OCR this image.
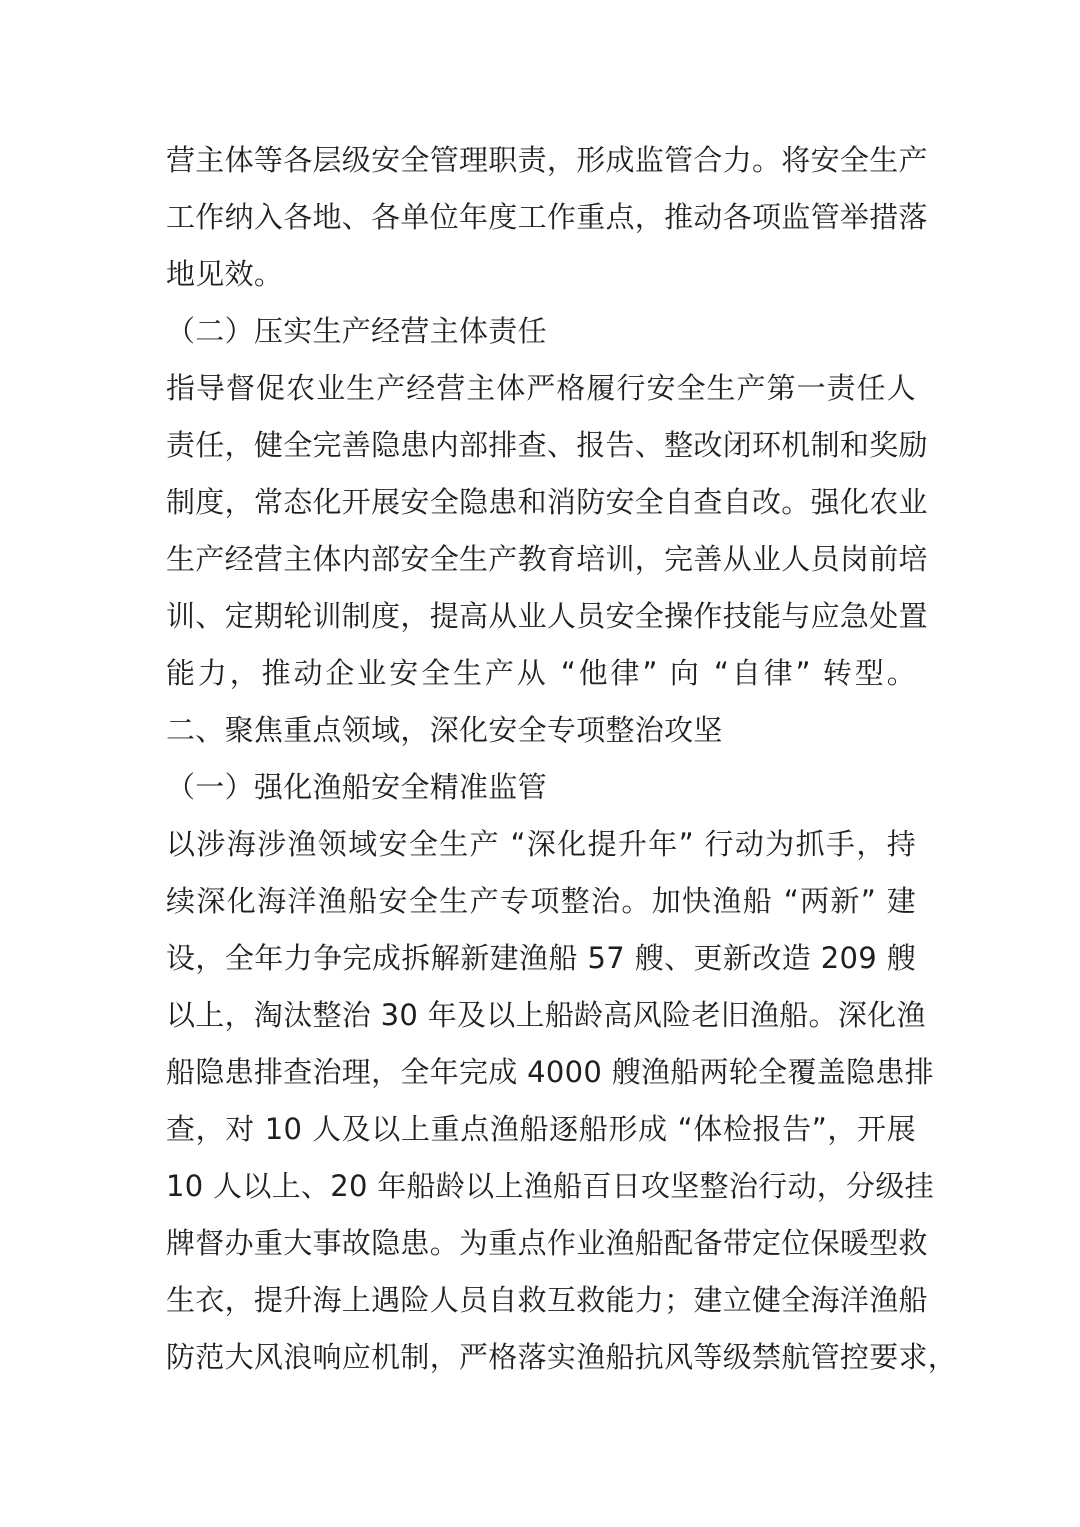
营主体等各层级安全管理职责，形成监管合力。将安全生产
工作纳入各地、各单位年度工作重点，推动各项监管举措落
地见效。
（二）压实生产经营主体责任
指导督促农业生产经营主体严格履行安全生产第一责任人
责任，健全完善隐患内部排查、报告、整改闭环机制和奖励
制度，常态化开展安全隐患和消防安全自查自改。强化农业
生产经营主体内部安全生产教育培训，完善从业人员岗前培
训、定期轮训制度，提高从业人员安全操作技能与应急处置
能力，推动企业安全生产从 “他律” 向 “自律” 转型。
二、聚焦重点领域，深化安全专项整治攻坚
（一）强化渔船安全精准监管
以涉海涉渔领域安全生产 “深化提升年” 行动为抓手，持
续深化海洋渔船安全生产专项整治。加快渔船 “两新” 建
设，全年力争完成拆解新建渔船 57 艘、更新改造 209 艘
以上，淘汰整治 30 年及以上船龄高风险老旧渔船。深化渔
船隐患排查治理，全年完成 4000 艘渔船两轮全覆盖隐患排
查，对 10 人及以上重点渔船逐船形成 “体检报告”，开展
10 人以上、20 年船龄以上渔船百日攻坚整治行动，分级挂
牌督办重大事故隐患。为重点作业渔船配备带定位保暖型救
生衣，提升海上遇险人员自救互救能力；建立健全海洋渔船
防范大风浪响应机制，严格落实渔船抗风等级禁航管控要求，
